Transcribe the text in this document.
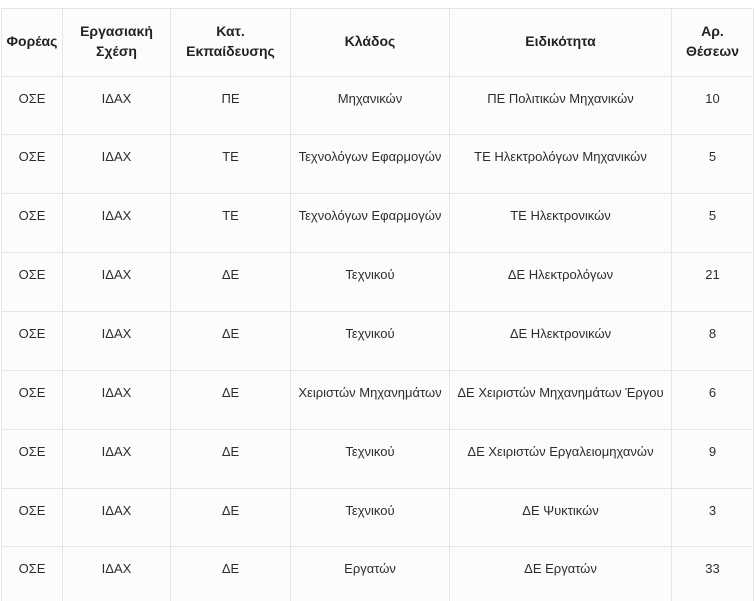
Φορέας	Εργασιακή Σχέση	Κατ. Εκπαίδευσης	Κλάδος	Ειδικότητα	Αρ. Θέσεων
ΟΣΕ	ΙΔΑΧ	ΠΕ	Μηχανικών	ΠΕ Πολιτικών Μηχανικών	10
ΟΣΕ	ΙΔΑΧ	ΤΕ	Τεχνολόγων Εφαρμογών	ΤΕ Ηλεκτρολόγων Μηχανικών	5
ΟΣΕ	ΙΔΑΧ	ΤΕ	Τεχνολόγων Εφαρμογών	ΤΕ Ηλεκτρονικών	5
ΟΣΕ	ΙΔΑΧ	ΔΕ	Τεχνικού	ΔΕ Ηλεκτρολόγων	21
ΟΣΕ	ΙΔΑΧ	ΔΕ	Τεχνικού	ΔΕ Ηλεκτρονικών	8
ΟΣΕ	ΙΔΑΧ	ΔΕ	Χειριστών Μηχανημάτων	ΔΕ Χειριστών Μηχανημάτων Έργου	6
ΟΣΕ	ΙΔΑΧ	ΔΕ	Τεχνικού	ΔΕ Χειριστών Εργαλειομηχανών	9
ΟΣΕ	ΙΔΑΧ	ΔΕ	Τεχνικού	ΔΕ Ψυκτικών	3
ΟΣΕ	ΙΔΑΧ	ΔΕ	Εργατών	ΔΕ Εργατών	33
